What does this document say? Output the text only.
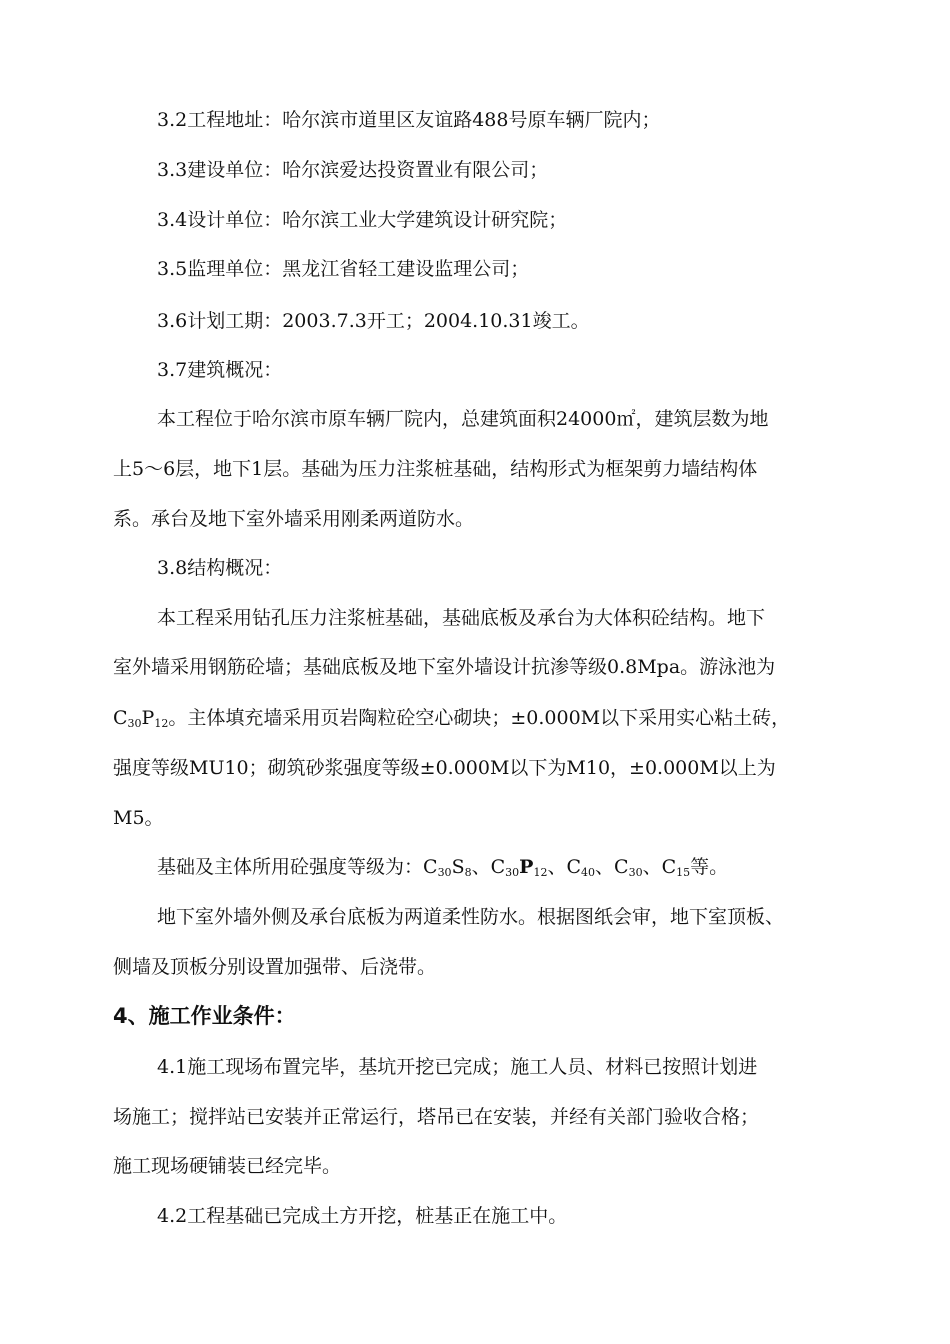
3.2工程地址：哈尔滨市道里区友谊路488号原车辆厂院内；
3.3建设单位：哈尔滨爱达投资置业有限公司；
3.4设计单位：哈尔滨工业大学建筑设计研究院；
3.5监理单位：黑龙江省轻工建设监理公司；
3.6计划工期：2003.7.3开工；2004.10.31竣工。
3.7建筑概况：
本工程位于哈尔滨市原车辆厂院内，总建筑面积24000㎡，建筑层数为地
上5～6层，地下1层。基础为压力注浆桩基础，结构形式为框架剪力墙结构体
系。承台及地下室外墙采用刚柔两道防水。
3.8结构概况：
本工程采用钻孔压力注浆桩基础，基础底板及承台为大体积砼结构。地下
室外墙采用钢筋砼墙；基础底板及地下室外墙设计抗渗等级0.8Mpa。游泳池为
$C_{30}P_{12}$。主体填充墙采用页岩陶粒砼空心砌块；±0.000M以下采用实心粘土砖，
强度等级MU10；砌筑砂浆强度等级±0.000M以下为M10，±0.000M以上为
M5。
基础及主体所用砼强度等级为：$C_{30}S_8$、$C_{30}P_{12}$、$C_{40}$、$C_{30}$、$C_{15}$等。
地下室外墙外侧及承台底板为两道柔性防水。根据图纸会审，地下室顶板、
侧墙及顶板分别设置加强带、后浇带。
4、施工作业条件：
4.1施工现场布置完毕，基坑开挖已完成；施工人员、材料已按照计划进
场施工；搅拌站已安装并正常运行，塔吊已在安装，并经有关部门验收合格；
施工现场硬铺装已经完毕。
4.2工程基础已完成土方开挖，桩基正在施工中。
